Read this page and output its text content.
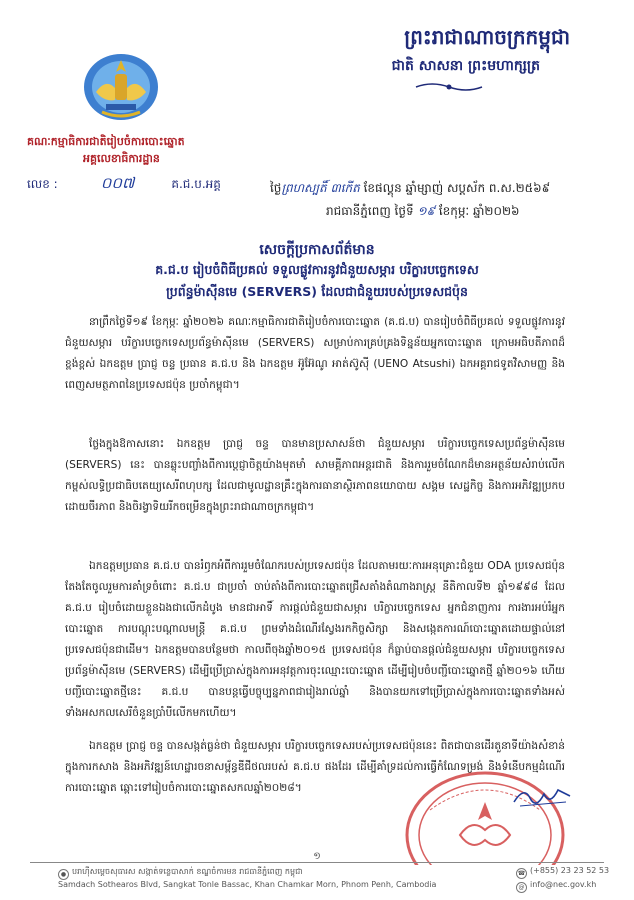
ព្រះរាជាណាចក្រកម្ពុជា
ជាតិ សាសនា ព្រះមហាក្សត្រ
គណៈកម្មាធិការជាតិរៀបចំការបោះឆ្នោត
អគ្គលេខាធិការដ្ឋាន
លេខ :	០០៧	គ.ជ.ប.អគ្គ	ថ្ងៃព្រហស្បតិ៍ ៣កើត ខែផល្គុន ឆ្នាំម្សាញ់ សប្តស័ក ព.ស.២៥៦៩
រាជធានីភ្នំពេញ ថ្ងៃទី ១៩ ខែកុម្ភៈ ឆ្នាំ២០២៦
សេចក្តីប្រកាសព័ត៌មាន
គ.ជ.ប រៀបចំពិធីប្រគល់ ទទួលផ្លូវការនូវជំនួយសម្ភារ បរិក្ខារបច្ចេកទេស
ប្រព័ន្ធម៉ាស៊ីនមេ (SERVERS) ដែលជាជំនួយរបស់ប្រទេសជប៉ុន
នាព្រឹកថ្ងៃទី១៩ ខែកុម្ភៈ ឆ្នាំ២០២៦ គណៈកម្មាធិការជាតិរៀបចំការបោះឆ្នោត (គ.ជ.ប) បានរៀបចំពិធីប្រគល់ ទទួលផ្លូវការនូវជំនួយសម្ភារ បរិក្ខារបច្ចេកទេសប្រព័ន្ធម៉ាស៊ីនមេ (SERVERS) សម្រាប់ការគ្រប់គ្រងទិន្នន័យអ្នកបោះឆ្នោត ក្រោមអធិបតីភាពដ៏ខ្ពង់ខ្ពស់ ឯកឧត្តម ប្រាជ្ញ ចន្ទ ប្រធាន គ.ជ.ប និង ឯកឧត្តម អ៊ូអ៊ែណូ អាត់ស៊ូស៊ី (UENO Atsushi) ឯកអគ្គរាជទូតវិសាមញ្ញ និងពេញសមត្ថភាពនៃប្រទេសជប៉ុន ប្រចាំកម្ពុជា។
ថ្លែងក្នុងឱកាសនោះ ឯកឧត្តម ប្រាជ្ញ ចន្ទ បានមានប្រសាសន៍ថា ជំនួយសម្ភារ បរិក្ខារបច្ចេកទេសប្រព័ន្ធម៉ាស៊ីនមេ (SERVERS) នេះ បានឆ្លុះបញ្ចាំងពីការប្តេជ្ញាចិត្តយ៉ាងមុតមាំ សាមគ្គីភាពអន្តរជាតិ និងការរួមចំណែកដ៏មានអត្ថន័យសំរាប់លើកកម្ពស់លទ្ធិប្រជាធិបតេយ្យសេរីពហុបក្ស ដែលជាមូលដ្ឋានគ្រឹះក្នុងការធានាស្ថិរភាពនយោបាយ សង្គម សេដ្ឋកិច្ច និងការអភិវឌ្ឍប្រកបដោយចីរភាព និងចិរង្វាទិយរីកចម្រើនក្នុងព្រះរាជាណាចក្រកម្ពុជា។
ឯកឧត្តមប្រធាន គ.ជ.ប បានរំឭកអំពីការរួមចំណែករបស់ប្រទេសជប៉ុន ដែលតាមរយៈការអនុគ្រោះជំនួយ ODA ប្រទេសជប៉ុនតែងតែចូលរួមការគាំទ្រចំពោះ គ.ជ.ប ជាប្រចាំ ចាប់តាំងពីការបោះឆ្នោតជ្រើសតាំងតំណាងរាស្ត្រ នីតិកាលទី២ ឆ្នាំ១៩៩៨ ដែល គ.ជ.ប រៀបចំដោយខ្លួនឯងជាលើកដំបូង មានជាអាទិ៍ ការផ្តល់ជំនួយជាសម្ភារ បរិក្ខារបច្ចេកទេស អ្នកជំនាញការ ការងារអប់រំអ្នកបោះឆ្នោត ការបណ្តុះបណ្តាលមន្ត្រី គ.ជ.ប ព្រមទាំងដំណើរស្វែងរកកិច្ចសិក្សា និងសង្កេតការណ៍បោះឆ្នោតដោយផ្ទាល់នៅប្រទេសជប៉ុនជាដើម។ ឯកឧត្តមបានបន្ថែមថា កាលពីចុងឆ្នាំ២០១៥ ប្រទេសជប៉ុន ក៏ធ្លាប់បានផ្តល់ជំនួយសម្ភារ បរិក្ខារបច្ចេកទេសប្រព័ន្ធម៉ាស៊ីនមេ (SERVERS) ដើម្បីប្រើប្រាស់ក្នុងការអនុវត្តការចុះឈ្មោះបោះឆ្នោត ដើម្បីរៀបចំបញ្ជីបោះឆ្នោតថ្មី ឆ្នាំ២០១៦ ហើយបញ្ជីបោះឆ្នោតថ្មីនេះ គ.ជ.ប បានបន្តធ្វើបច្ចុប្បន្នភាពជារៀងរាល់ឆ្នាំ និងបានយកទៅប្រើប្រាស់ក្នុងការបោះឆ្នោតទាំងអស់ ទាំងអសកលសេរីចំនួនប្រាំបីលើកមកហើយ។
ឯកឧត្តម ប្រាជ្ញ ចន្ទ បានសង្កត់ធ្ងន់ថា ជំនួយសម្ភារ បរិក្ខារបច្ចេកទេសរបស់ប្រទេសជប៉ុននេះ ពិតជាបានដើរតួនាទីយ៉ាងសំខាន់ក្នុងការកសាង និងអភិវឌ្ឍន៍ហេដ្ឋារចនាសម្ព័ន្ធឌីជីថលរបស់ គ.ជ.ប ផងដែរ ដើម្បីគាំទ្រដល់ការធ្វើកំណែទម្រង់ និងទំនើបកម្មដំណើរការបោះឆ្នោត ឆ្ពោះទៅរៀបចំការបោះឆ្នោតសកលឆ្នាំ២០២៨។
១
● បរាហ៊ីសម្តេចសុធារស សង្កាត់ទន្លេបាសាក់ ខណ្ឌចំការមន រាជធានីភ្នំពេញ កម្ពុជា
Samdach Sothearos Blvd, Sangkat Tonle Bassac, Khan Chamkar Morn, Phnom Penh, Cambodia
☎ (+855) 23 23 52 53
@ info@nec.gov.kh
